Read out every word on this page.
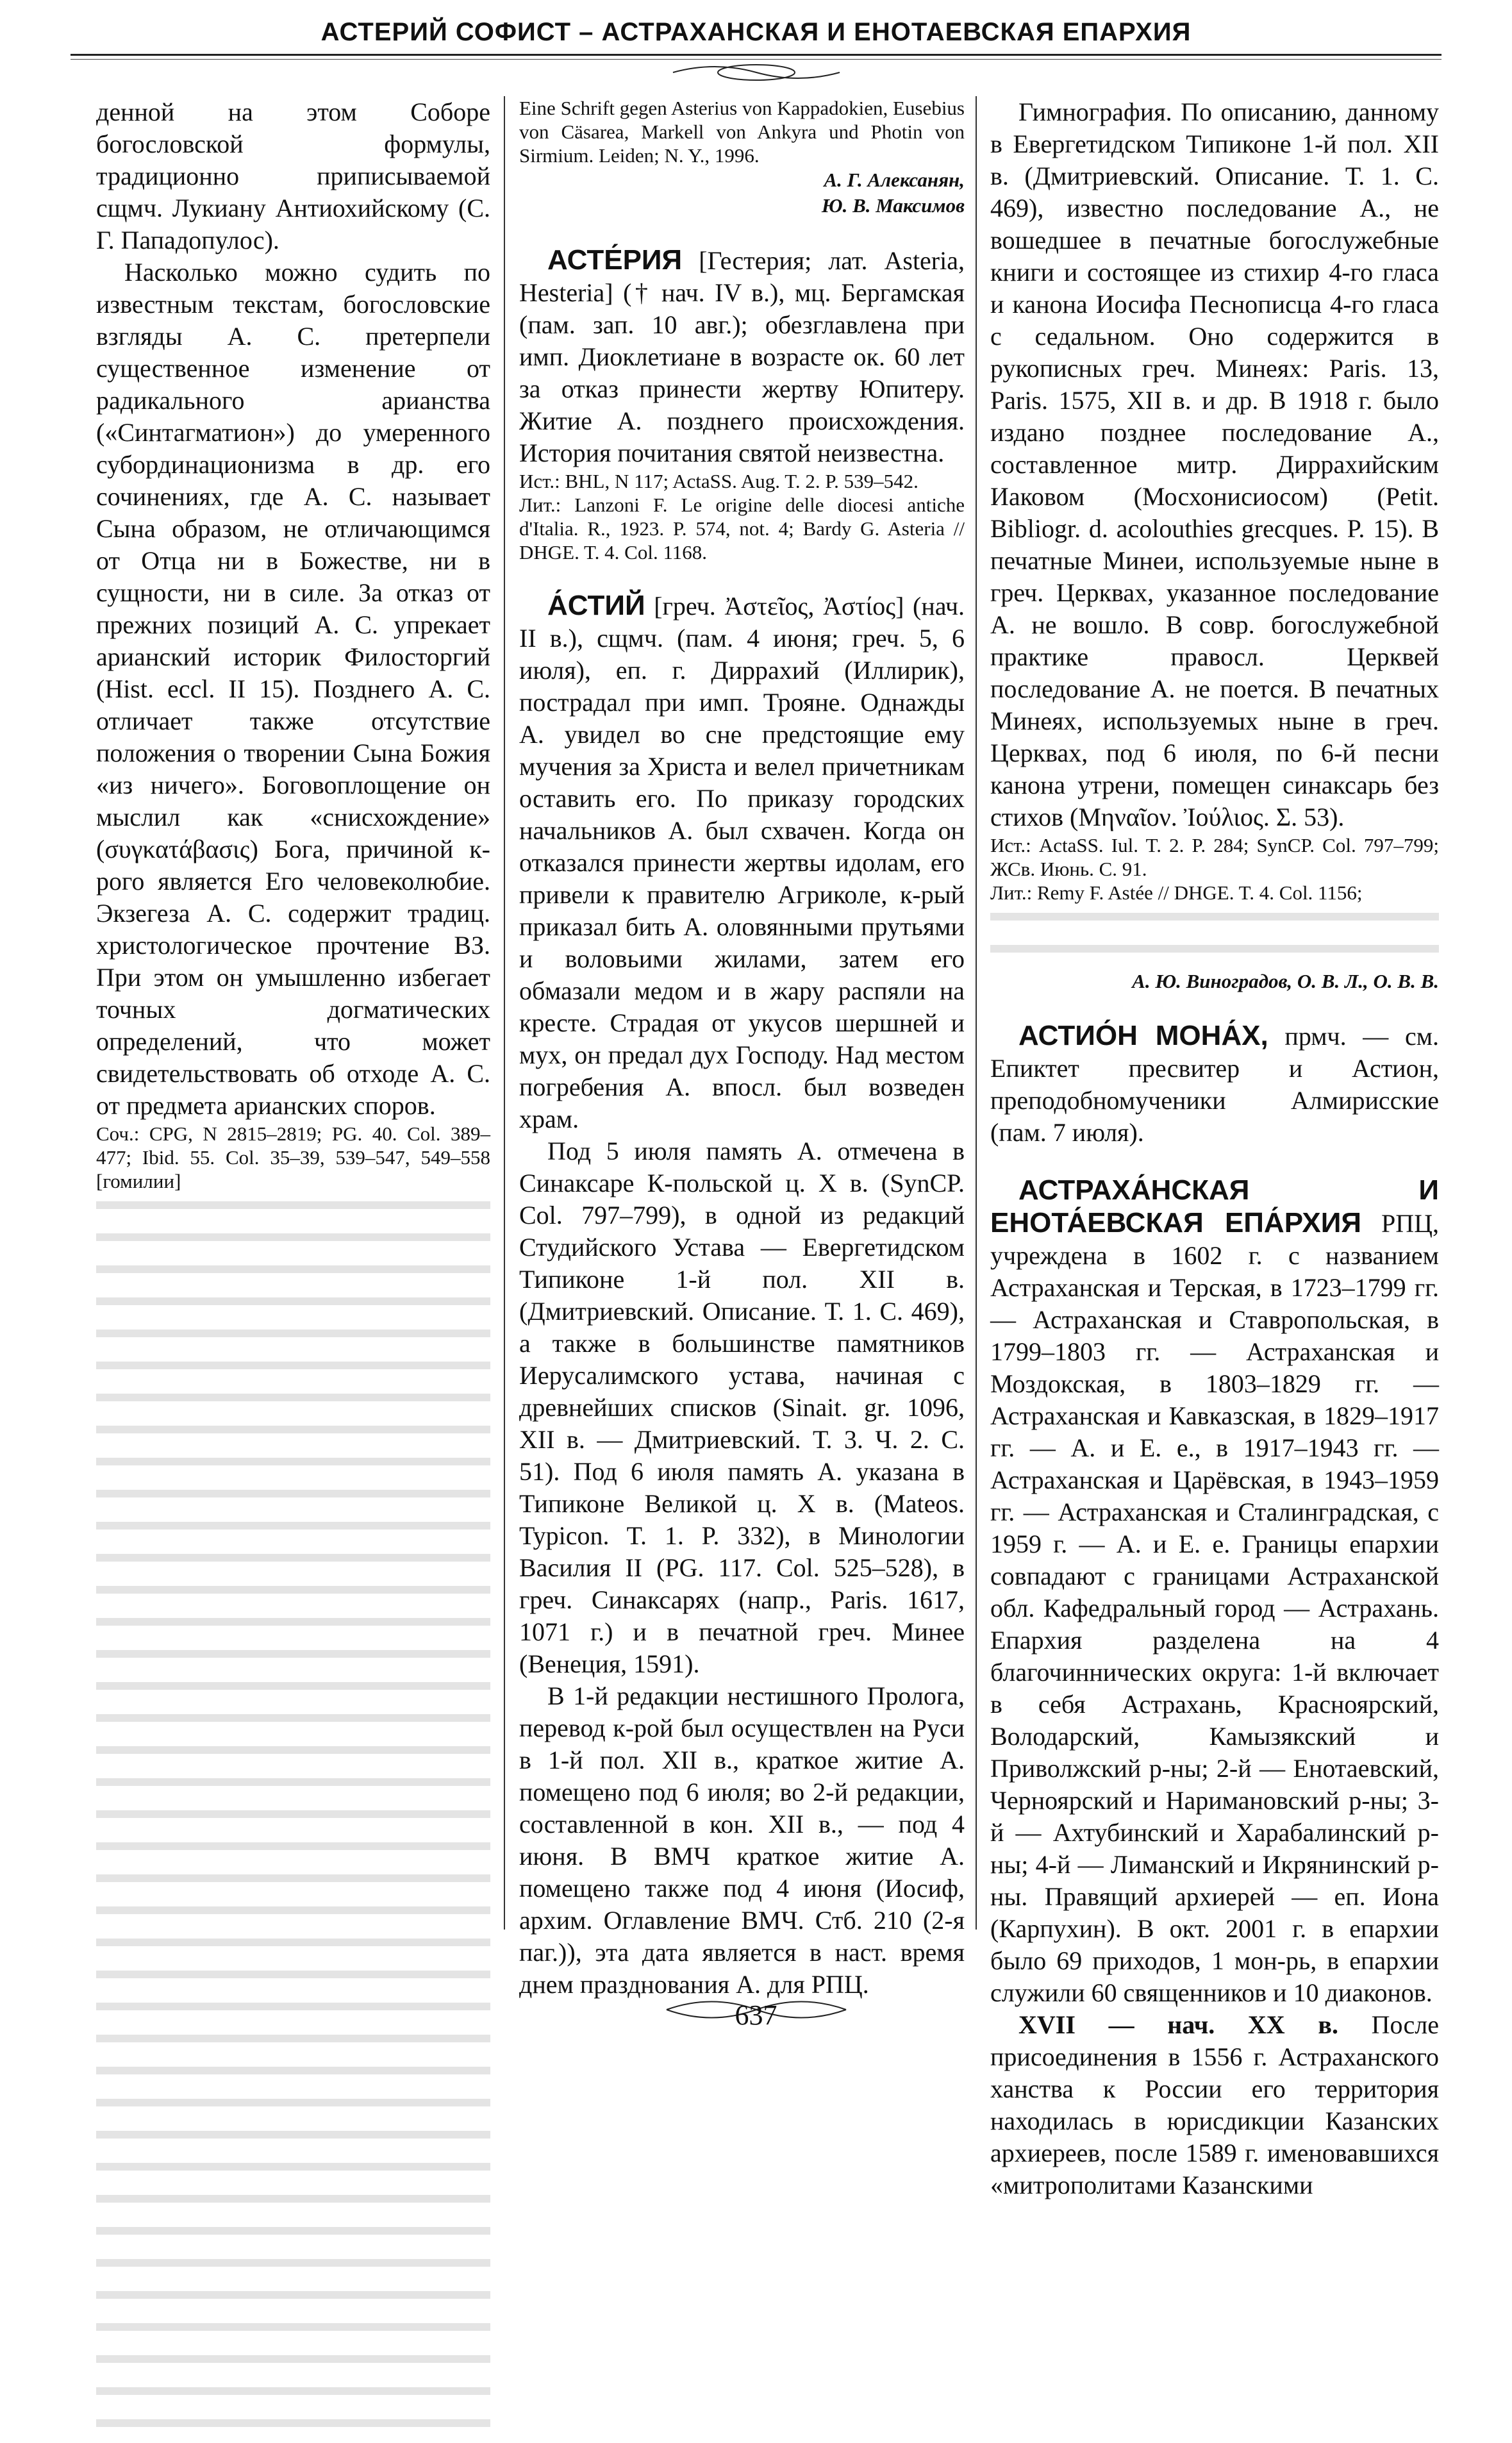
АСТЕРИЙ СОФИСТ – АСТРАХАНСКАЯ И ЕНОТАЕВСКАЯ ЕПАРХИЯ

денной на этом Соборе богословской формулы, традиционно приписываемой сщмч. Лукиану Антиохийскому (С. Г. Пападопулос).

Насколько можно судить по известным текстам, богословские взгляды А. С. претерпели существенное изменение от радикального арианства («Синтагматион») до умеренного субординационизма в др. его сочинениях, где А. С. называет Сына образом, не отличающимся от Отца ни в Божестве, ни в сущности, ни в силе. За отказ от прежних позиций А. С. упрекает арианский историк Филосторгий (Hist. eccl. II 15). Позднего А. С. отличает также отсутствие положения о творении Сына Божия «из ничего». Боговоплощение он мыслил как «снисхождение» (συγκατάβασις) Бога, причиной к-рого является Его человеколюбие. Экзегеза А. С. содержит традиц. христологическое прочтение ВЗ. При этом он умышленно избегает точных догматических определений, что может свидетельствовать об отходе А. С. от предмета арианских споров.

Соч.: CPG, N 2815–2819; PG. 40. Col. 389–477; Ibid. 55. Col. 35–39, 539–547, 549–558 [гомилии]

Eine Schrift gegen Asterius von Kappadokien, Eusebius von Cäsarea, Markell von Ankyra und Photin von Sirmium. Leiden; N. Y., 1996.

А. Г. Алексанян,

Ю. В. Максимов

АСТЕ́РИЯ [Гестерия; лат. Asteria, Hesteria] († нач. IV в.), мц. Бергамская (пам. зап. 10 авг.); обезглавлена при имп. Диоклетиане в возрасте ок. 60 лет за отказ принести жертву Юпитеру. Житие А. позднего происхождения. История почитания святой неизвестна.

Ист.: BHL, N 117; ActaSS. Aug. T. 2. P. 539–542.

Лит.: Lanzoni F. Le origine delle diocesi antiche d'Italia. R., 1923. P. 574, not. 4; Bardy G. Asteria // DHGE. T. 4. Col. 1168.

А́СТИЙ [греч. Ἀστεῖος, Ἀστίος] (нач. II в.), сщмч. (пам. 4 июня; греч. 5, 6 июля), еп. г. Диррахий (Иллирик), пострадал при имп. Трояне. Однажды А. увидел во сне предстоящие ему мучения за Христа и велел причетникам оставить его. По приказу городских начальников А. был схвачен. Когда он отказался принести жертвы идолам, его привели к правителю Агриколе, к-рый приказал бить А. оловянными прутьями и воловьими жилами, затем его обмазали медом и в жару распяли на кресте. Страдая от укусов шершней и мух, он предал дух Господу. Над местом погребения А. впосл. был возведен храм.

Под 5 июля память А. отмечена в Синаксаре К-польской ц. X в. (SynCP. Col. 797–799), в одной из редакций Студийского Устава — Евергетидском Типиконе 1-й пол. XII в. (Дмитриевский. Описание. Т. 1. С. 469), а также в большинстве памятников Иерусалимского устава, начиная с древнейших списков (Sinait. gr. 1096, XII в. — Дмитриевский. Т. 3. Ч. 2. С. 51). Под 6 июля память А. указана в Типиконе Великой ц. X в. (Mateos. Typicon. T. 1. P. 332), в Минологии Василия II (PG. 117. Col. 525–528), в греч. Синаксарях (напр., Paris. 1617, 1071 г.) и в печатной греч. Минее (Венеция, 1591).

В 1-й редакции нестишного Пролога, перевод к-рой был осуществлен на Руси в 1-й пол. XII в., краткое житие А. помещено под 6 июля; во 2-й редакции, составленной в кон. XII в., — под 4 июня. В ВМЧ краткое житие А. помещено также под 4 июня (Иосиф, архим. Оглавление ВМЧ. Стб. 210 (2-я паг.)), эта дата является в наст. время днем празднования А. для РПЦ.

Гимнография. По описанию, данному в Евергетидском Типиконе 1-й пол. XII в. (Дмитриевский. Описание. Т. 1. С. 469), известно последование А., не вошедшее в печатные богослужебные книги и состоящее из стихир 4-го гласа и канона Иосифа Песнописца 4-го гласа с седальном. Оно содержится в рукописных греч. Минеях: Paris. 13, Paris. 1575, XII в. и др. В 1918 г. было издано позднее последование А., составленное митр. Диррахийским Иаковом (Мосхонисиосом) (Petit. Bibliogr. d. acolouthies grecques. P. 15). В печатные Минеи, используемые ныне в греч. Церквах, указанное последование А. не вошло. В совр. богослужебной практике правосл. Церквей последование А. не поется. В печатных Минеях, используемых ныне в греч. Церквах, под 6 июля, по 6-й песни канона утрени, помещен синаксарь без стихов (Μηναῖον. Ἰούλιος. Σ. 53).

Ист.: ActaSS. Iul. T. 2. P. 284; SynCP. Col. 797–799; ЖСв. Июнь. С. 91.

Лит.: Remy F. Astée // DHGE. T. 4. Col. 1156;

А. Ю. Виноградов, О. В. Л., О. В. В.

АСТИО́Н МОНА́Х, прмч. — см. Епиктет пресвитер и Астион, преподобномученики Алмирисские (пам. 7 июля).

АСТРАХА́НСКАЯ И ЕНОТА́ЕВСКАЯ ЕПА́РХИЯ РПЦ, учреждена в 1602 г. с названием Астраханская и Терская, в 1723–1799 гг. — Астраханская и Ставропольская, в 1799–1803 гг. — Астраханская и Моздокская, в 1803–1829 гг. — Астраханская и Кавказская, в 1829–1917 гг. — А. и Е. е., в 1917–1943 гг. — Астраханская и Царёвская, в 1943–1959 гг. — Астраханская и Сталинградская, с 1959 г. — А. и Е. е. Границы епархии совпадают с границами Астраханской обл. Кафедральный город — Астрахань. Епархия разделена на 4 благочиннических округа: 1-й включает в себя Астрахань, Красноярский, Володарский, Камызякский и Приволжский р-ны; 2-й — Енотаевский, Черноярский и Наримановский р-ны; 3-й — Ахтубинский и Харабалинский р-ны; 4-й — Лиманский и Икрянинский р-ны. Правящий архиерей — еп. Иона (Карпухин). В окт. 2001 г. в епархии было 69 приходов, 1 мон-рь, в епархии служили 60 священников и 10 диаконов.

XVII — нач. XX в. После присоединения в 1556 г. Астраханского ханства к России его территория находилась в юрисдикции Казанских архиереев, после 1589 г. именовавшихся «митрополитами Казанскими

637
